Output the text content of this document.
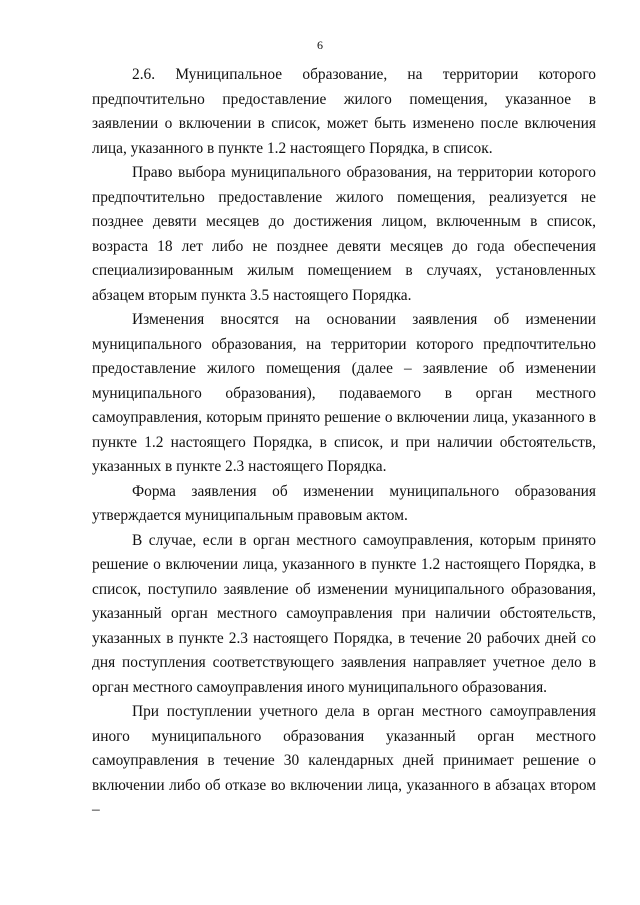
6

2.6. Муниципальное образование, на территории которого предпочтительно предоставление жилого помещения, указанное в заявлении о включении в список, может быть изменено после включения лица, указанного в пункте 1.2 настоящего Порядка, в список.

Право выбора муниципального образования, на территории которого предпочтительно предоставление жилого помещения, реализуется не позднее девяти месяцев до достижения лицом, включенным в список, возраста 18 лет либо не позднее девяти месяцев до года обеспечения специализированным жилым помещением в случаях, установленных абзацем вторым пункта 3.5 настоящего Порядка.

Изменения вносятся на основании заявления об изменении муниципального образования, на территории которого предпочтительно предоставление жилого помещения (далее – заявление об изменении муниципального образования), подаваемого в орган местного самоуправления, которым принято решение о включении лица, указанного в пункте 1.2 настоящего Порядка, в список, и при наличии обстоятельств, указанных в пункте 2.3 настоящего Порядка.

Форма заявления об изменении муниципального образования утверждается муниципальным правовым актом.

В случае, если в орган местного самоуправления, которым принято решение о включении лица, указанного в пункте 1.2 настоящего Порядка, в список, поступило заявление об изменении муниципального образования, указанный орган местного самоуправления при наличии обстоятельств, указанных в пункте 2.3 настоящего Порядка, в течение 20 рабочих дней со дня поступления соответствующего заявления направляет учетное дело в орган местного самоуправления иного муниципального образования.

При поступлении учетного дела в орган местного самоуправления иного муниципального образования указанный орган местного самоуправления в течение 30 календарных дней принимает решение о включении либо об отказе во включении лица, указанного в абзацах втором –
